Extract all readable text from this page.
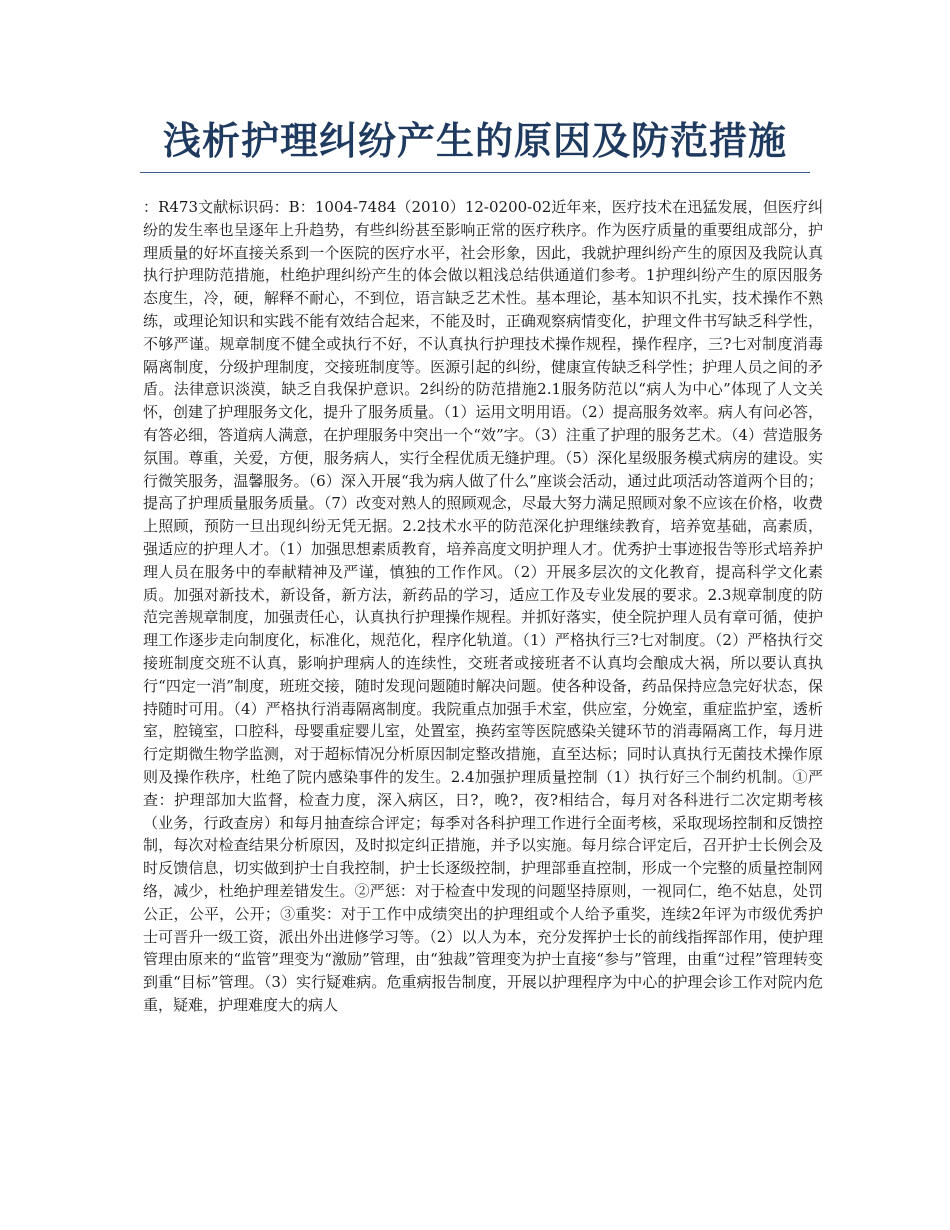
浅析护理纠纷产生的原因及防范措施

：R473文献标识码：B：1004-7484（2010）12-0200-02近年来，医疗技术在迅猛发展，但医疗纠纷的发生率也呈逐年上升趋势，有些纠纷甚至影响正常的医疗秩序。作为医疗质量的重要组成部分，护理质量的好坏直接关系到一个医院的医疗水平，社会形象，因此，我就护理纠纷产生的原因及我院认真执行护理防范措施，杜绝护理纠纷产生的体会做以粗浅总结供通道们参考。1护理纠纷产生的原因服务态度生，冷，硬，解释不耐心，不到位，语言缺乏艺术性。基本理论，基本知识不扎实，技术操作不熟练，或理论知识和实践不能有效结合起来，不能及时，正确观察病情变化，护理文件书写缺乏科学性，不够严谨。规章制度不健全或执行不好，不认真执行护理技术操作规程，操作程序，三?七对制度消毒隔离制度，分级护理制度，交接班制度等。医源引起的纠纷，健康宣传缺乏科学性；护理人员之间的矛盾。法律意识淡漠，缺乏自我保护意识。2纠纷的防范措施2.1服务防范以“病人为中心”体现了人文关怀，创建了护理服务文化，提升了服务质量。（1）运用文明用语。（2）提高服务效率。病人有问必答，有答必细，答道病人满意，在护理服务中突出一个“效”字。（3）注重了护理的服务艺术。（4）营造服务氛围。尊重，关爱，方便，服务病人，实行全程优质无缝护理。（5）深化星级服务模式病房的建设。实行微笑服务，温馨服务。（6）深入开展“我为病人做了什么”座谈会活动，通过此项活动答道两个目的；提高了护理质量服务质量。（7）改变对熟人的照顾观念，尽最大努力满足照顾对象不应该在价格，收费上照顾，预防一旦出现纠纷无凭无据。2.2技术水平的防范深化护理继续教育，培养宽基础，高素质，强适应的护理人才。（1）加强思想素质教育，培养高度文明护理人才。优秀护士事迹报告等形式培养护理人员在服务中的奉献精神及严谨，慎独的工作作风。（2）开展多层次的文化教育，提高科学文化素质。加强对新技术，新设备，新方法，新药品的学习，适应工作及专业发展的要求。2.3规章制度的防范完善规章制度，加强责任心，认真执行护理操作规程。并抓好落实，使全院护理人员有章可循，使护理工作逐步走向制度化，标准化，规范化，程序化轨道。（1）严格执行三?七对制度。（2）严格执行交接班制度交班不认真，影响护理病人的连续性，交班者或接班者不认真均会酿成大祸，所以要认真执行“四定一消”制度，班班交接，随时发现问题随时解决问题。使各种设备，药品保持应急完好状态，保持随时可用。（4）严格执行消毒隔离制度。我院重点加强手术室，供应室，分娩室，重症监护室，透析室，腔镜室，口腔科，母婴重症婴儿室，处置室，换药室等医院感染关键环节的消毒隔离工作，每月进行定期微生物学监测，对于超标情况分析原因制定整改措施，直至达标；同时认真执行无菌技术操作原则及操作秩序，杜绝了院内感染事件的发生。2.4加强护理质量控制（1）执行好三个制约机制。①严查：护理部加大监督，检查力度，深入病区，日?，晚?，夜?相结合，每月对各科进行二次定期考核（业务，行政查房）和每月抽查综合评定；每季对各科护理工作进行全面考核，采取现场控制和反馈控制，每次对检查结果分析原因，及时拟定纠正措施，并予以实施。每月综合评定后，召开护士长例会及时反馈信息，切实做到护士自我控制，护士长逐级控制，护理部垂直控制，形成一个完整的质量控制网络，减少，杜绝护理差错发生。②严惩：对于检查中发现的问题坚持原则，一视同仁，绝不姑息，处罚公正，公平，公开；③重奖：对于工作中成绩突出的护理组或个人给予重奖，连续2年评为市级优秀护士可晋升一级工资，派出外出进修学习等。（2）以人为本，充分发挥护士长的前线指挥部作用，使护理管理由原来的“监管”理变为“激励”管理，由“独裁”管理变为护士直接“参与”管理，由重“过程”管理转变到重“目标”管理。（3）实行疑难病。危重病报告制度，开展以护理程序为中心的护理会诊工作对院内危重，疑难，护理难度大的病人
